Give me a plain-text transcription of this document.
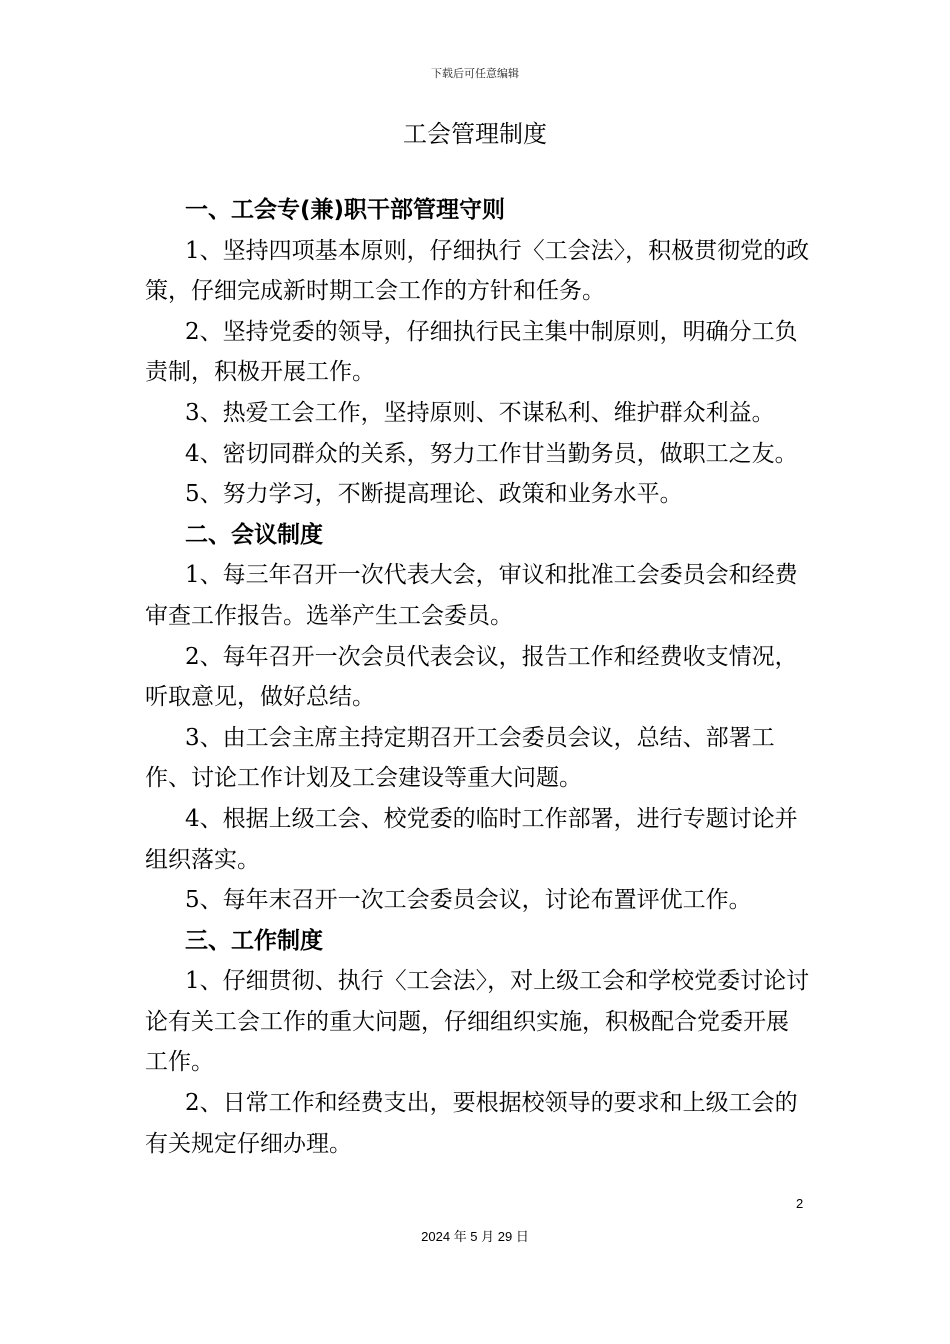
下载后可任意编辑
工会管理制度

一、工会专(兼)职干部管理守则

1、坚持四项基本原则，仔细执行〈工会法〉，积极贯彻党的政策，仔细完成新时期工会工作的方针和任务。

2、坚持党委的领导，仔细执行民主集中制原则，明确分工负责制，积极开展工作。

3、热爱工会工作，坚持原则、不谋私利、维护群众利益。

4、密切同群众的关系，努力工作甘当勤务员，做职工之友。

5、努力学习，不断提高理论、政策和业务水平。

二、会议制度

1、每三年召开一次代表大会，审议和批准工会委员会和经费审查工作报告。选举产生工会委员。

2、每年召开一次会员代表会议，报告工作和经费收支情况，听取意见，做好总结。

3、由工会主席主持定期召开工会委员会议，总结、部署工作、讨论工作计划及工会建设等重大问题。

4、根据上级工会、校党委的临时工作部署，进行专题讨论并组织落实。

5、每年末召开一次工会委员会议，讨论布置评优工作。

三、工作制度

1、仔细贯彻、执行〈工会法〉，对上级工会和学校党委讨论讨论有关工会工作的重大问题，仔细组织实施，积极配合党委开展工作。

2、日常工作和经费支出，要根据校领导的要求和上级工会的有关规定仔细办理。

2
2024 年 5 月 29 日
